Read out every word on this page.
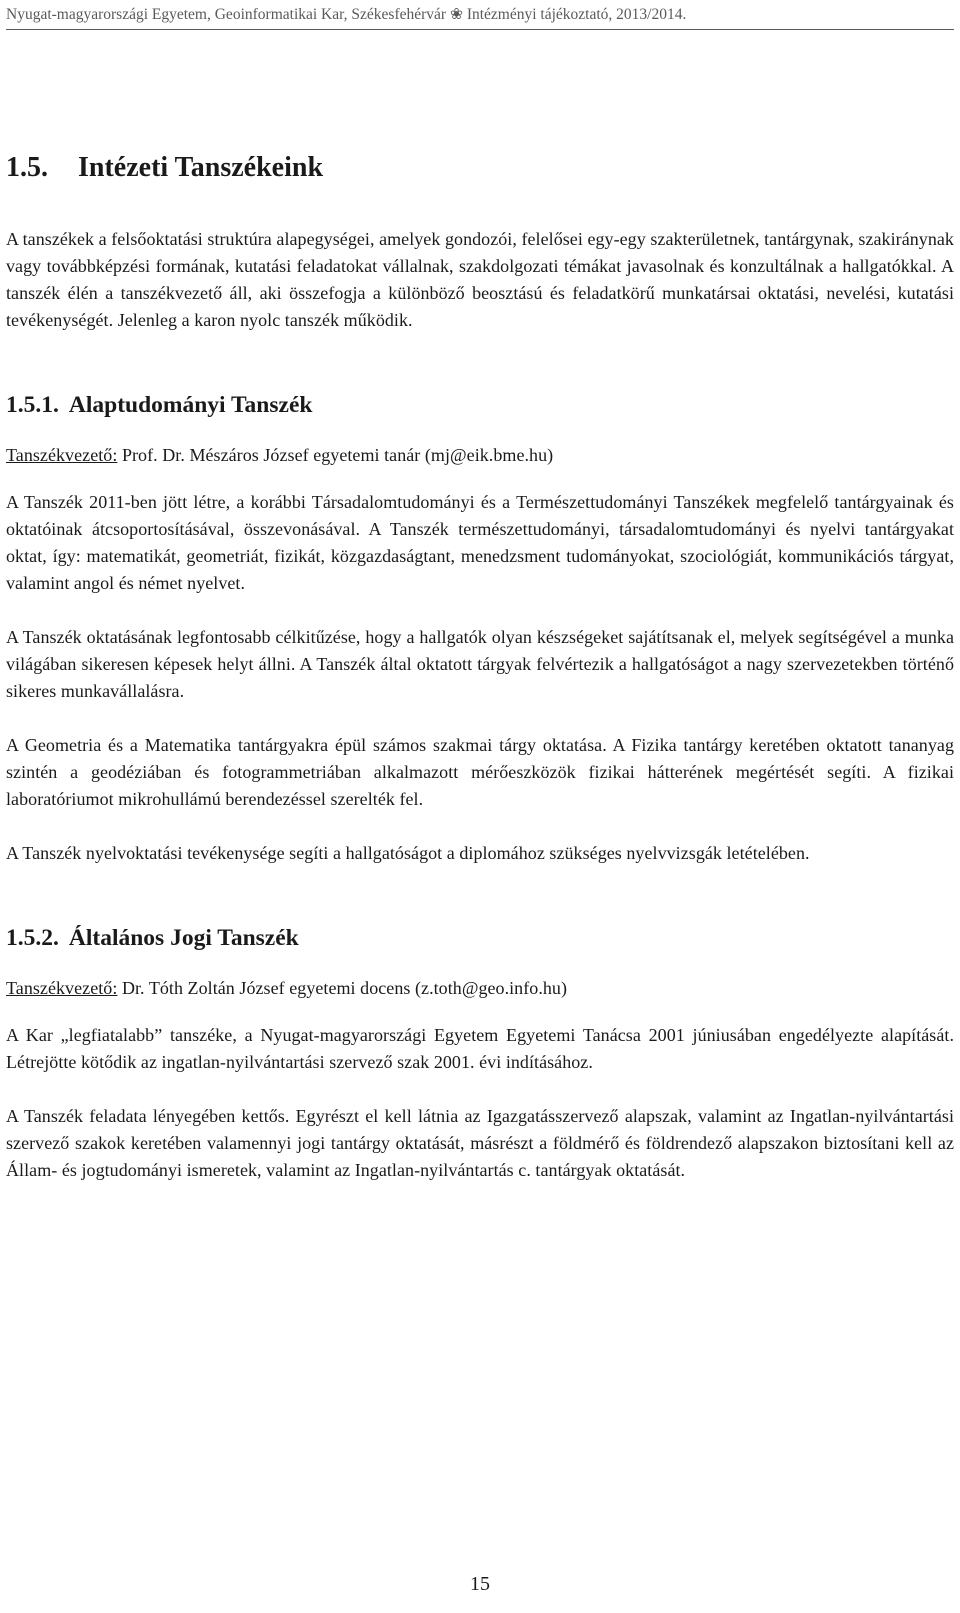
Nyugat-magyarországi Egyetem, Geoinformatikai Kar, Székesfehérvár ❀ Intézményi tájékoztató, 2013/2014.
1.5. Intézeti Tanszékeink

A tanszékek a felsőoktatási struktúra alapegységei, amelyek gondozói, felelősei egy-egy szakterületnek, tantárgynak, szakiránynak vagy továbbképzési formának, kutatási feladatokat vállalnak, szakdolgozati témákat javasolnak és konzultálnak a hallgatókkal. A tanszék élén a tanszékvezető áll, aki összefogja a különböző beosztású és feladatkörű munkatársai oktatási, nevelési, kutatási tevékenységét. Jelenleg a karon nyolc tanszék működik.

1.5.1. Alaptudományi Tanszék

Tanszékvezető: Prof. Dr. Mészáros József egyetemi tanár (mj@eik.bme.hu)

A Tanszék 2011-ben jött létre, a korábbi Társadalomtudományi és a Természettudományi Tanszékek megfelelő tantárgyainak és oktatóinak átcsoportosításával, összevonásával. A Tanszék természettudományi, társadalomtudományi és nyelvi tantárgyakat oktat, így: matematikát, geometriát, fizikát, közgazdaságtant, menedzsment tudományokat, szociológiát, kommunikációs tárgyat, valamint angol és német nyelvet.

A Tanszék oktatásának legfontosabb célkitűzése, hogy a hallgatók olyan készségeket sajátítsanak el, melyek segítségével a munka világában sikeresen képesek helyt állni. A Tanszék által oktatott tárgyak felvértezik a hallgatóságot a nagy szervezetekben történő sikeres munkavállalásra.

A Geometria és a Matematika tantárgyakra épül számos szakmai tárgy oktatása. A Fizika tantárgy keretében oktatott tananyag szintén a geodéziában és fotogrammetriában alkalmazott mérőeszközök fizikai hátterének megértését segíti. A fizikai laboratóriumot mikrohullámú berendezéssel szerelték fel.

A Tanszék nyelvoktatási tevékenysége segíti a hallgatóságot a diplomához szükséges nyelvvizsgák letételében.

1.5.2. Általános Jogi Tanszék

Tanszékvezető: Dr. Tóth Zoltán József egyetemi docens (z.toth@geo.info.hu)

A Kar „legfiatalabb” tanszéke, a Nyugat-magyarországi Egyetem Egyetemi Tanácsa 2001 júniusában engedélyezte alapítását. Létrejötte kötődik az ingatlan-nyilvántartási szervező szak 2001. évi indításához.

A Tanszék feladata lényegében kettős. Egyrészt el kell látnia az Igazgatásszervező alapszak, valamint az Ingatlan-nyilvántartási szervező szakok keretében valamennyi jogi tantárgy oktatását, másrészt a földmérő és földrendező alapszakon biztosítani kell az Állam- és jogtudományi ismeretek, valamint az Ingatlan-nyilvántartás c. tantárgyak oktatását.

15
